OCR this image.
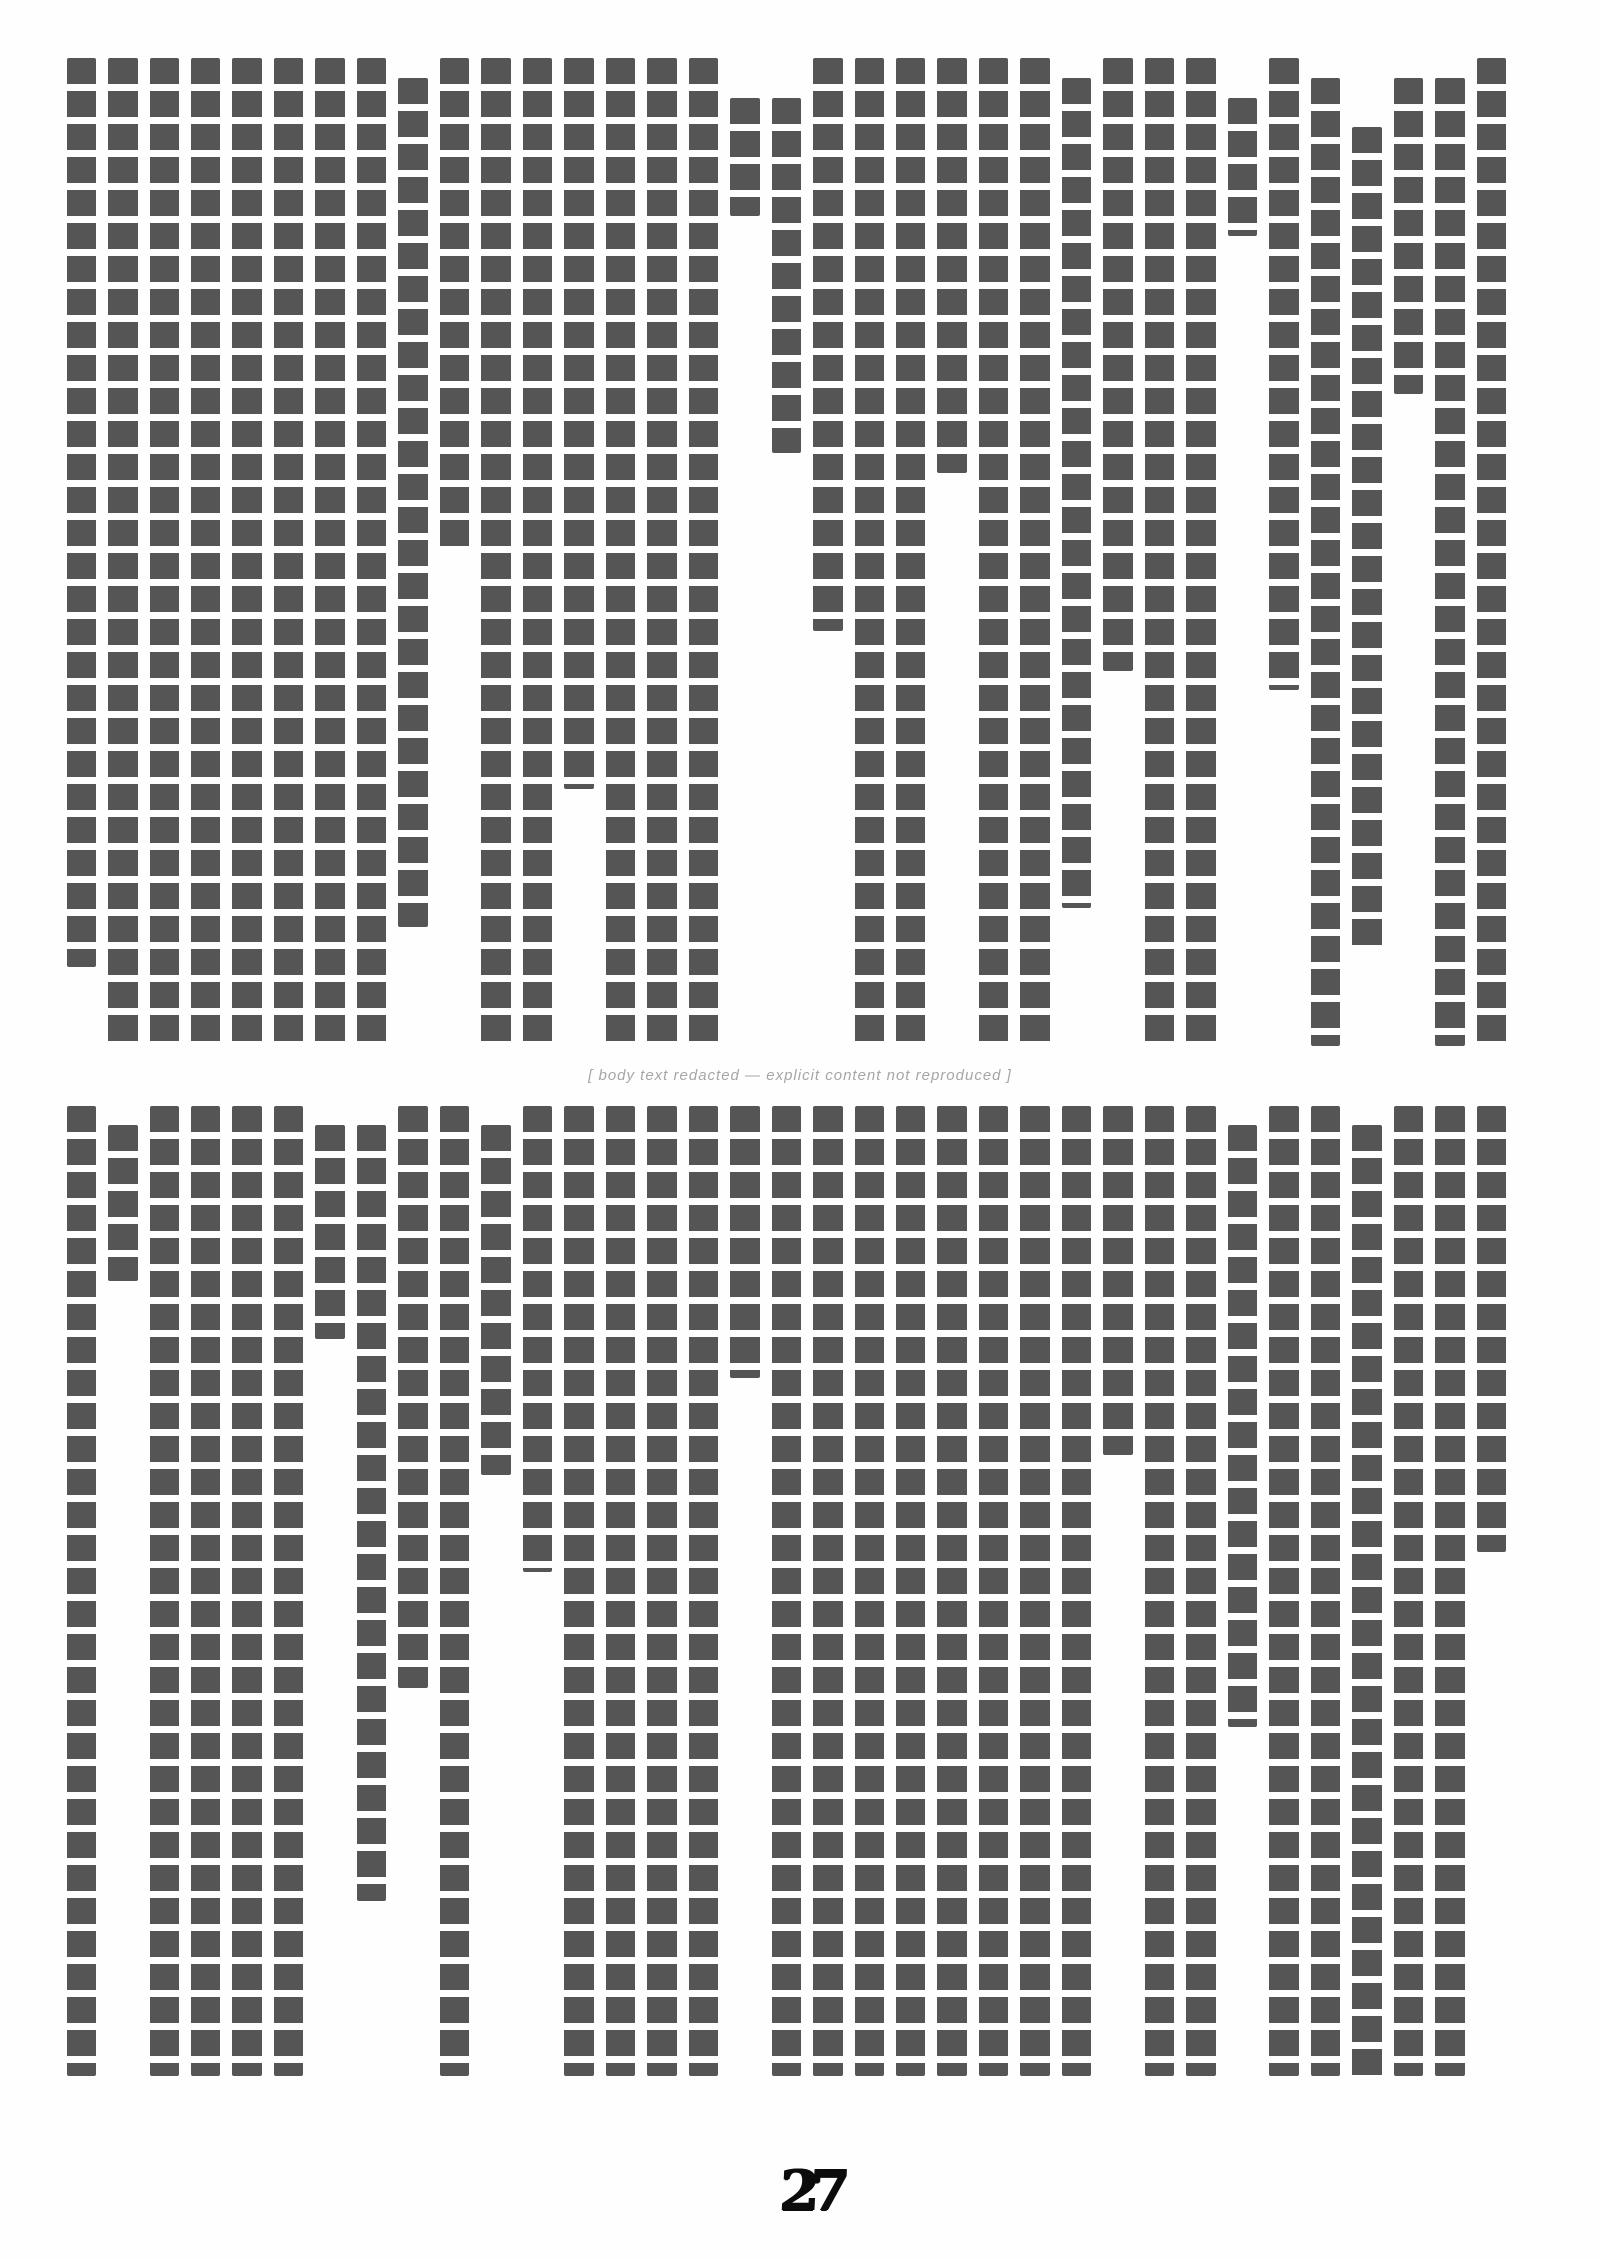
[ body text redacted — explicit content not reproduced ]
27
